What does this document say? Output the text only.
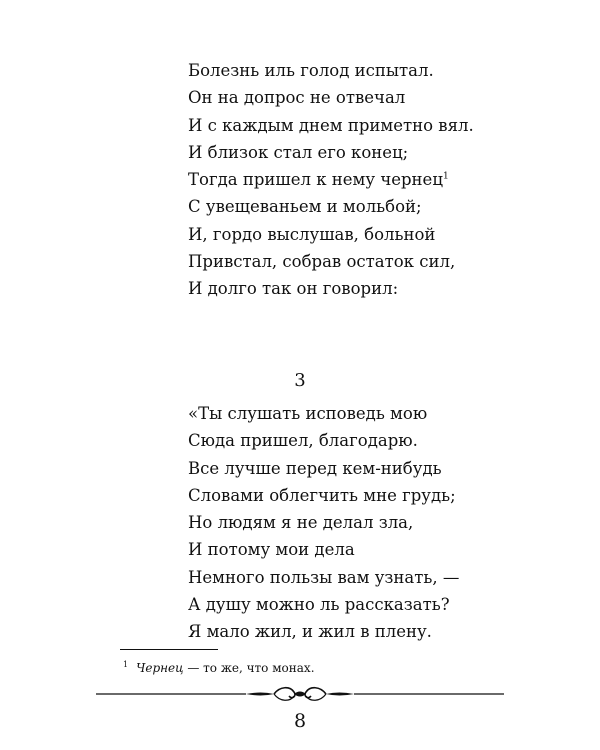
Болезнь иль голод испытал.
Он на допрос не отвечал
И с каждым днем приметно вял.
И близок стал его конец;
Тогда пришел к нему чернец$^1$
С увещеваньем и мольбой;
И, гордо выслушав, больной
Привстал, собрав остаток сил,
И долго так он говорил:
3
«Ты слушать исповедь мою
Сюда пришел, благодарю.
Все лучше перед кем-нибудь
Словами облегчить мне грудь;
Но людям я не делал зла,
И потому мои дела
Немного пользы вам узнать, —
А душу можно ль рассказать?
Я мало жил, и жил в плену.
$^1$ Чернец — то же, что монах.
8
